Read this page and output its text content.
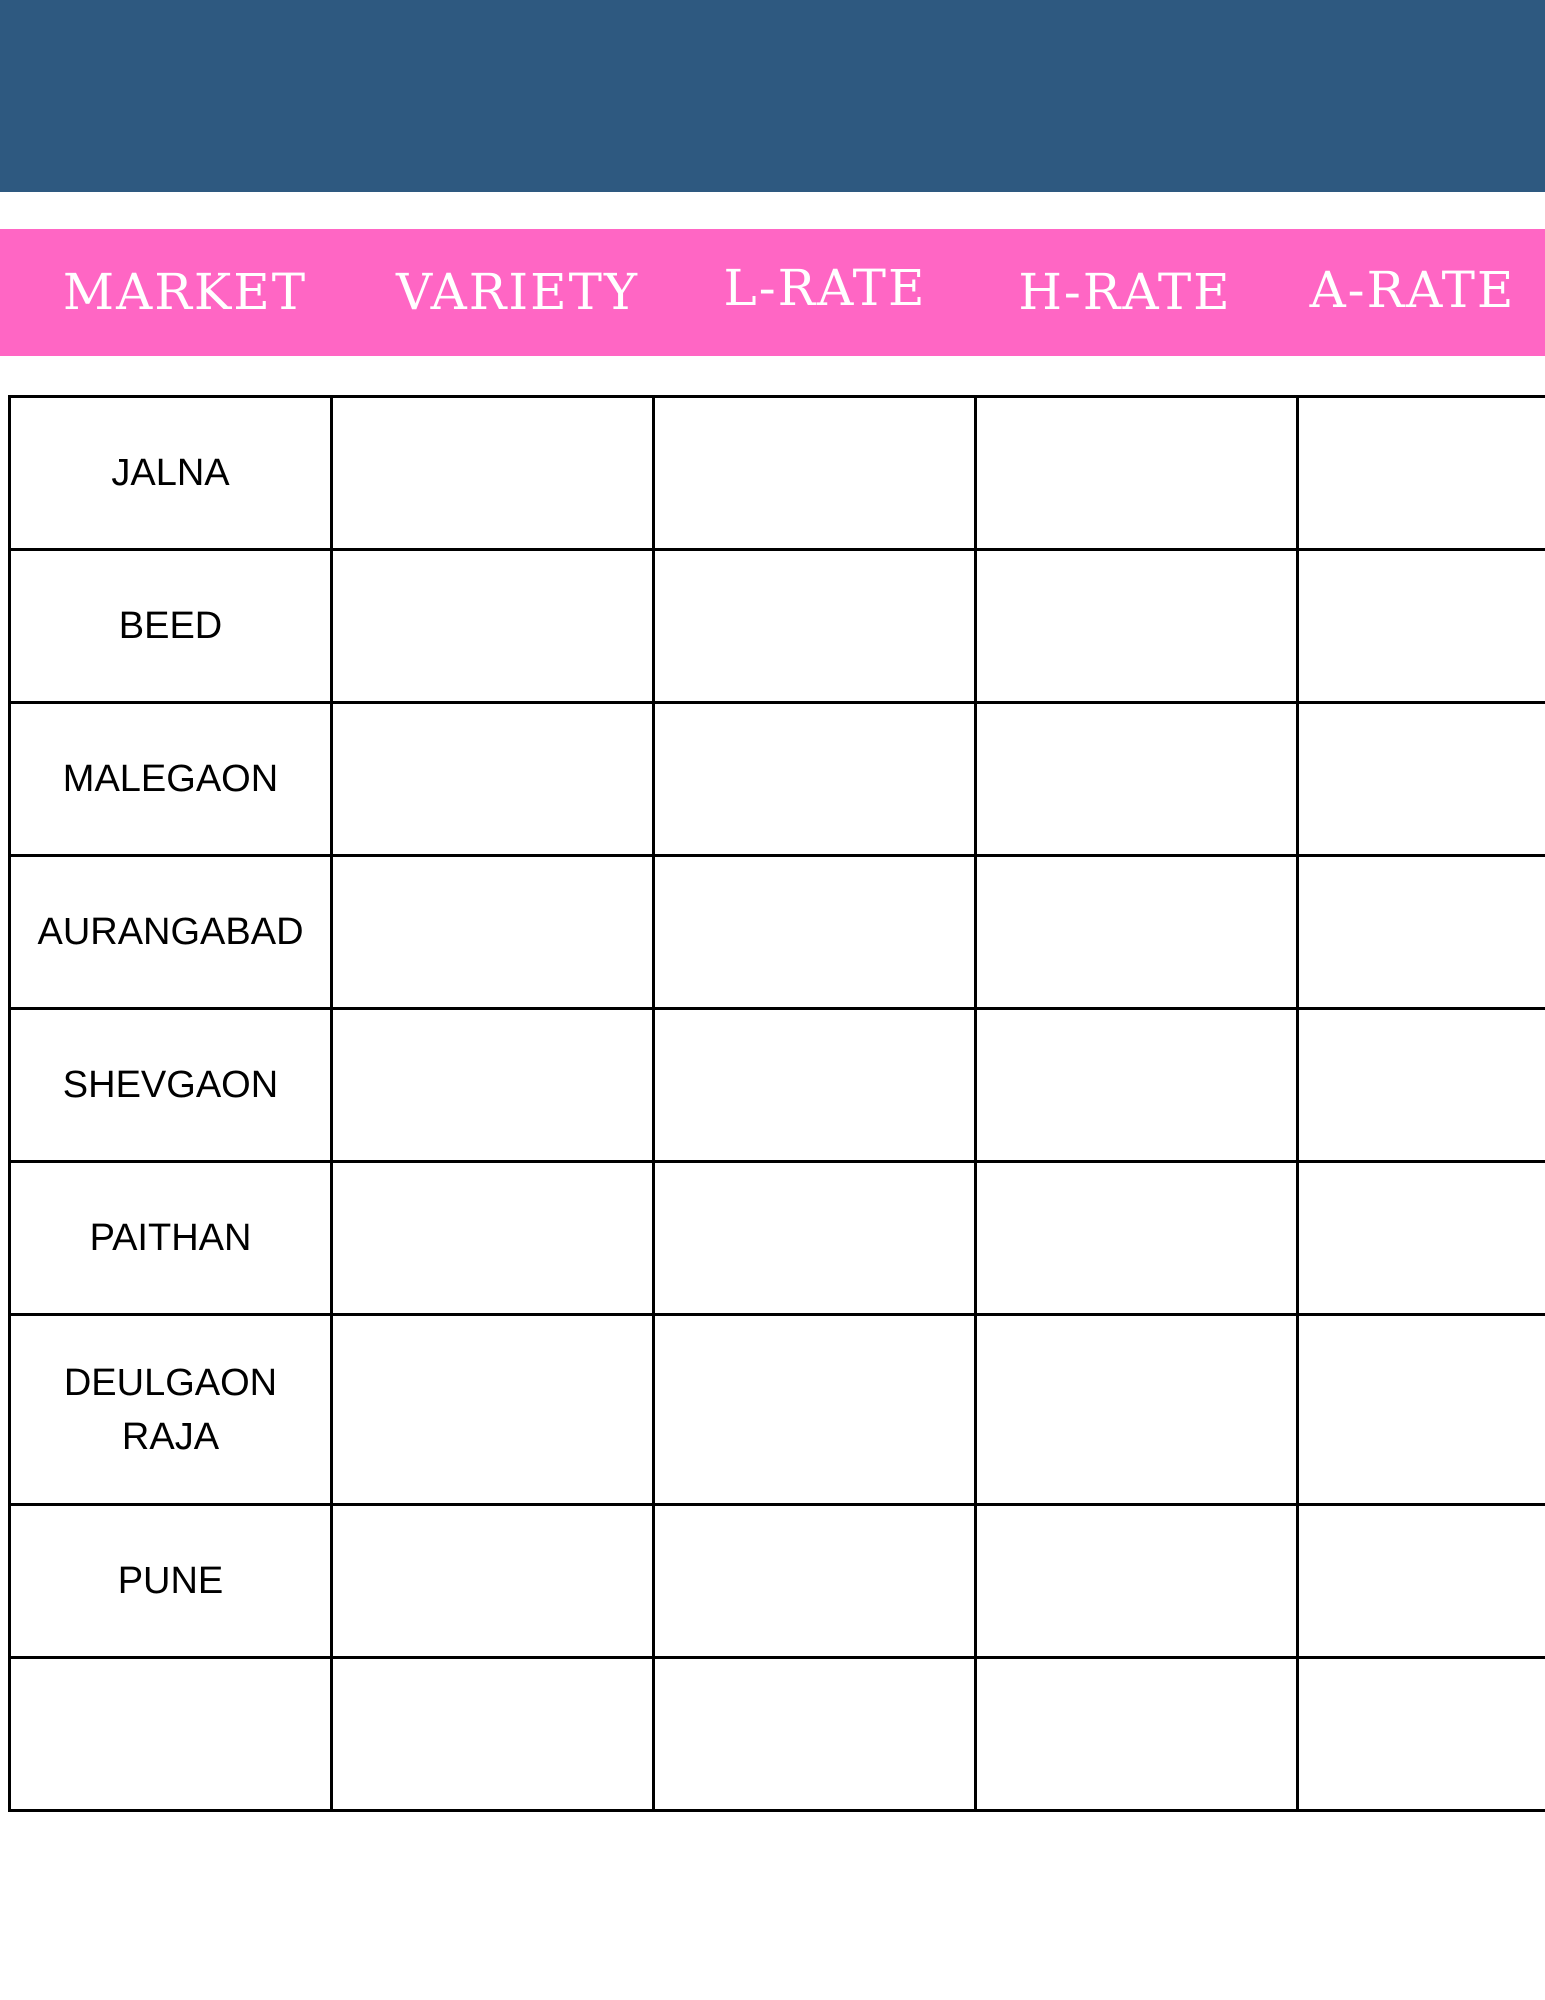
MARKET	VARIETY	L-RATE	H-RATE	A-RATE
JALNA				
BEED				
MALEGAON				
AURANGABAD				
SHEVGAON				
PAITHAN				
DEULGAON RAJA				
PUNE				
